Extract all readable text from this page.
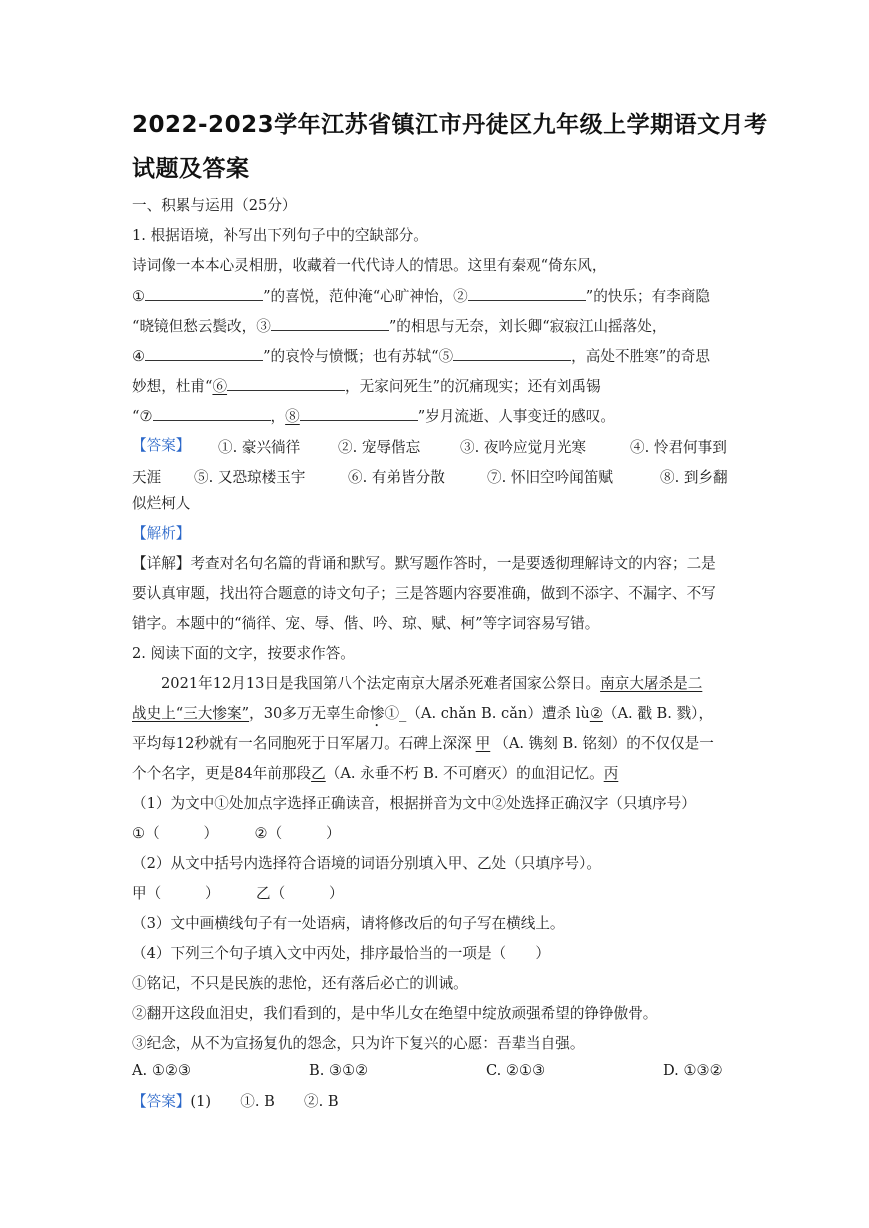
2022-2023学年江苏省镇江市丹徒区九年级上学期语文月考
试题及答案
一、积累与运用（25分）
1. 根据语境，补写出下列句子中的空缺部分。
诗词像一本本心灵相册，收藏着一代代诗人的情思。这里有秦观“倚东风，
①	”的喜悦，范仲淹“心旷神怡，②	”的快乐；有李商隐
“晓镜但愁云鬓改，③	”的相思与无奈，刘长卿“寂寂江山摇落处，
④	”的哀怜与愤慨；也有苏轼“⑤	，高处不胜寒”的奇思
妙想，杜甫“⑥	，无家问死生”的沉痛现实；还有刘禹锡
“⑦	，⑧	”岁月流逝、人事变迁的感叹。
【答案】 ①. 豪兴徜徉	②. 宠辱偕忘	③. 夜吟应觉月光寒	④. 怜君何事到
天涯 ⑤. 又恐琼楼玉宇	⑥. 有弟皆分散	⑦. 怀旧空吟闻笛赋	⑧. 到乡翻
似烂柯人
【解析】
【详解】考查对名句名篇的背诵和默写。默写题作答时，一是要透彻理解诗文的内容；二是
要认真审题，找出符合题意的诗文句子；三是答题内容要准确，做到不添字、不漏字、不写
错字。本题中的“徜徉、宠、辱、偕、吟、琼、赋、柯”等字词容易写错。
2. 阅读下面的文字，按要求作答。
2021年12月13日是我国第八个法定南京大屠杀死难者国家公祭日。南京大屠杀是二
战史上“三大惨案”，30多万无辜生命惨①_（A. chǎn B. cǎn）遭杀 lù②（A. 戳 B. 戮），
平均每12秒就有一名同胞死于日军屠刀。石碑上深深 甲 （A. 镌刻 B. 铭刻）的不仅仅是一
个个名字，更是84年前那段乙（A. 永垂不朽 B. 不可磨灭）的血泪记忆。丙
（1）为文中①处加点字选择正确读音，根据拼音为文中②处选择正确汉字（只填序号）
①（　　　）　　　②（　　　）
（2）从文中括号内选择符合语境的词语分别填入甲、乙处（只填序号）。
甲（　　　）　　　乙（　　　）
（3）文中画横线句子有一处语病，请将修改后的句子写在横线上。
（4）下列三个句子填入文中丙处，排序最恰当的一项是（　　）
①铭记，不只是民族的悲怆，还有落后必亡的训诫。
②翻开这段血泪史，我们看到的，是中华儿女在绝望中绽放顽强希望的铮铮傲骨。
③纪念，从不为宣扬复仇的怨念，只为许下复兴的心愿：吾辈当自强。
A. ①②③	B. ③①②	C. ②①③	D. ①③②
【答案】(1)　　①. B　　②. B
